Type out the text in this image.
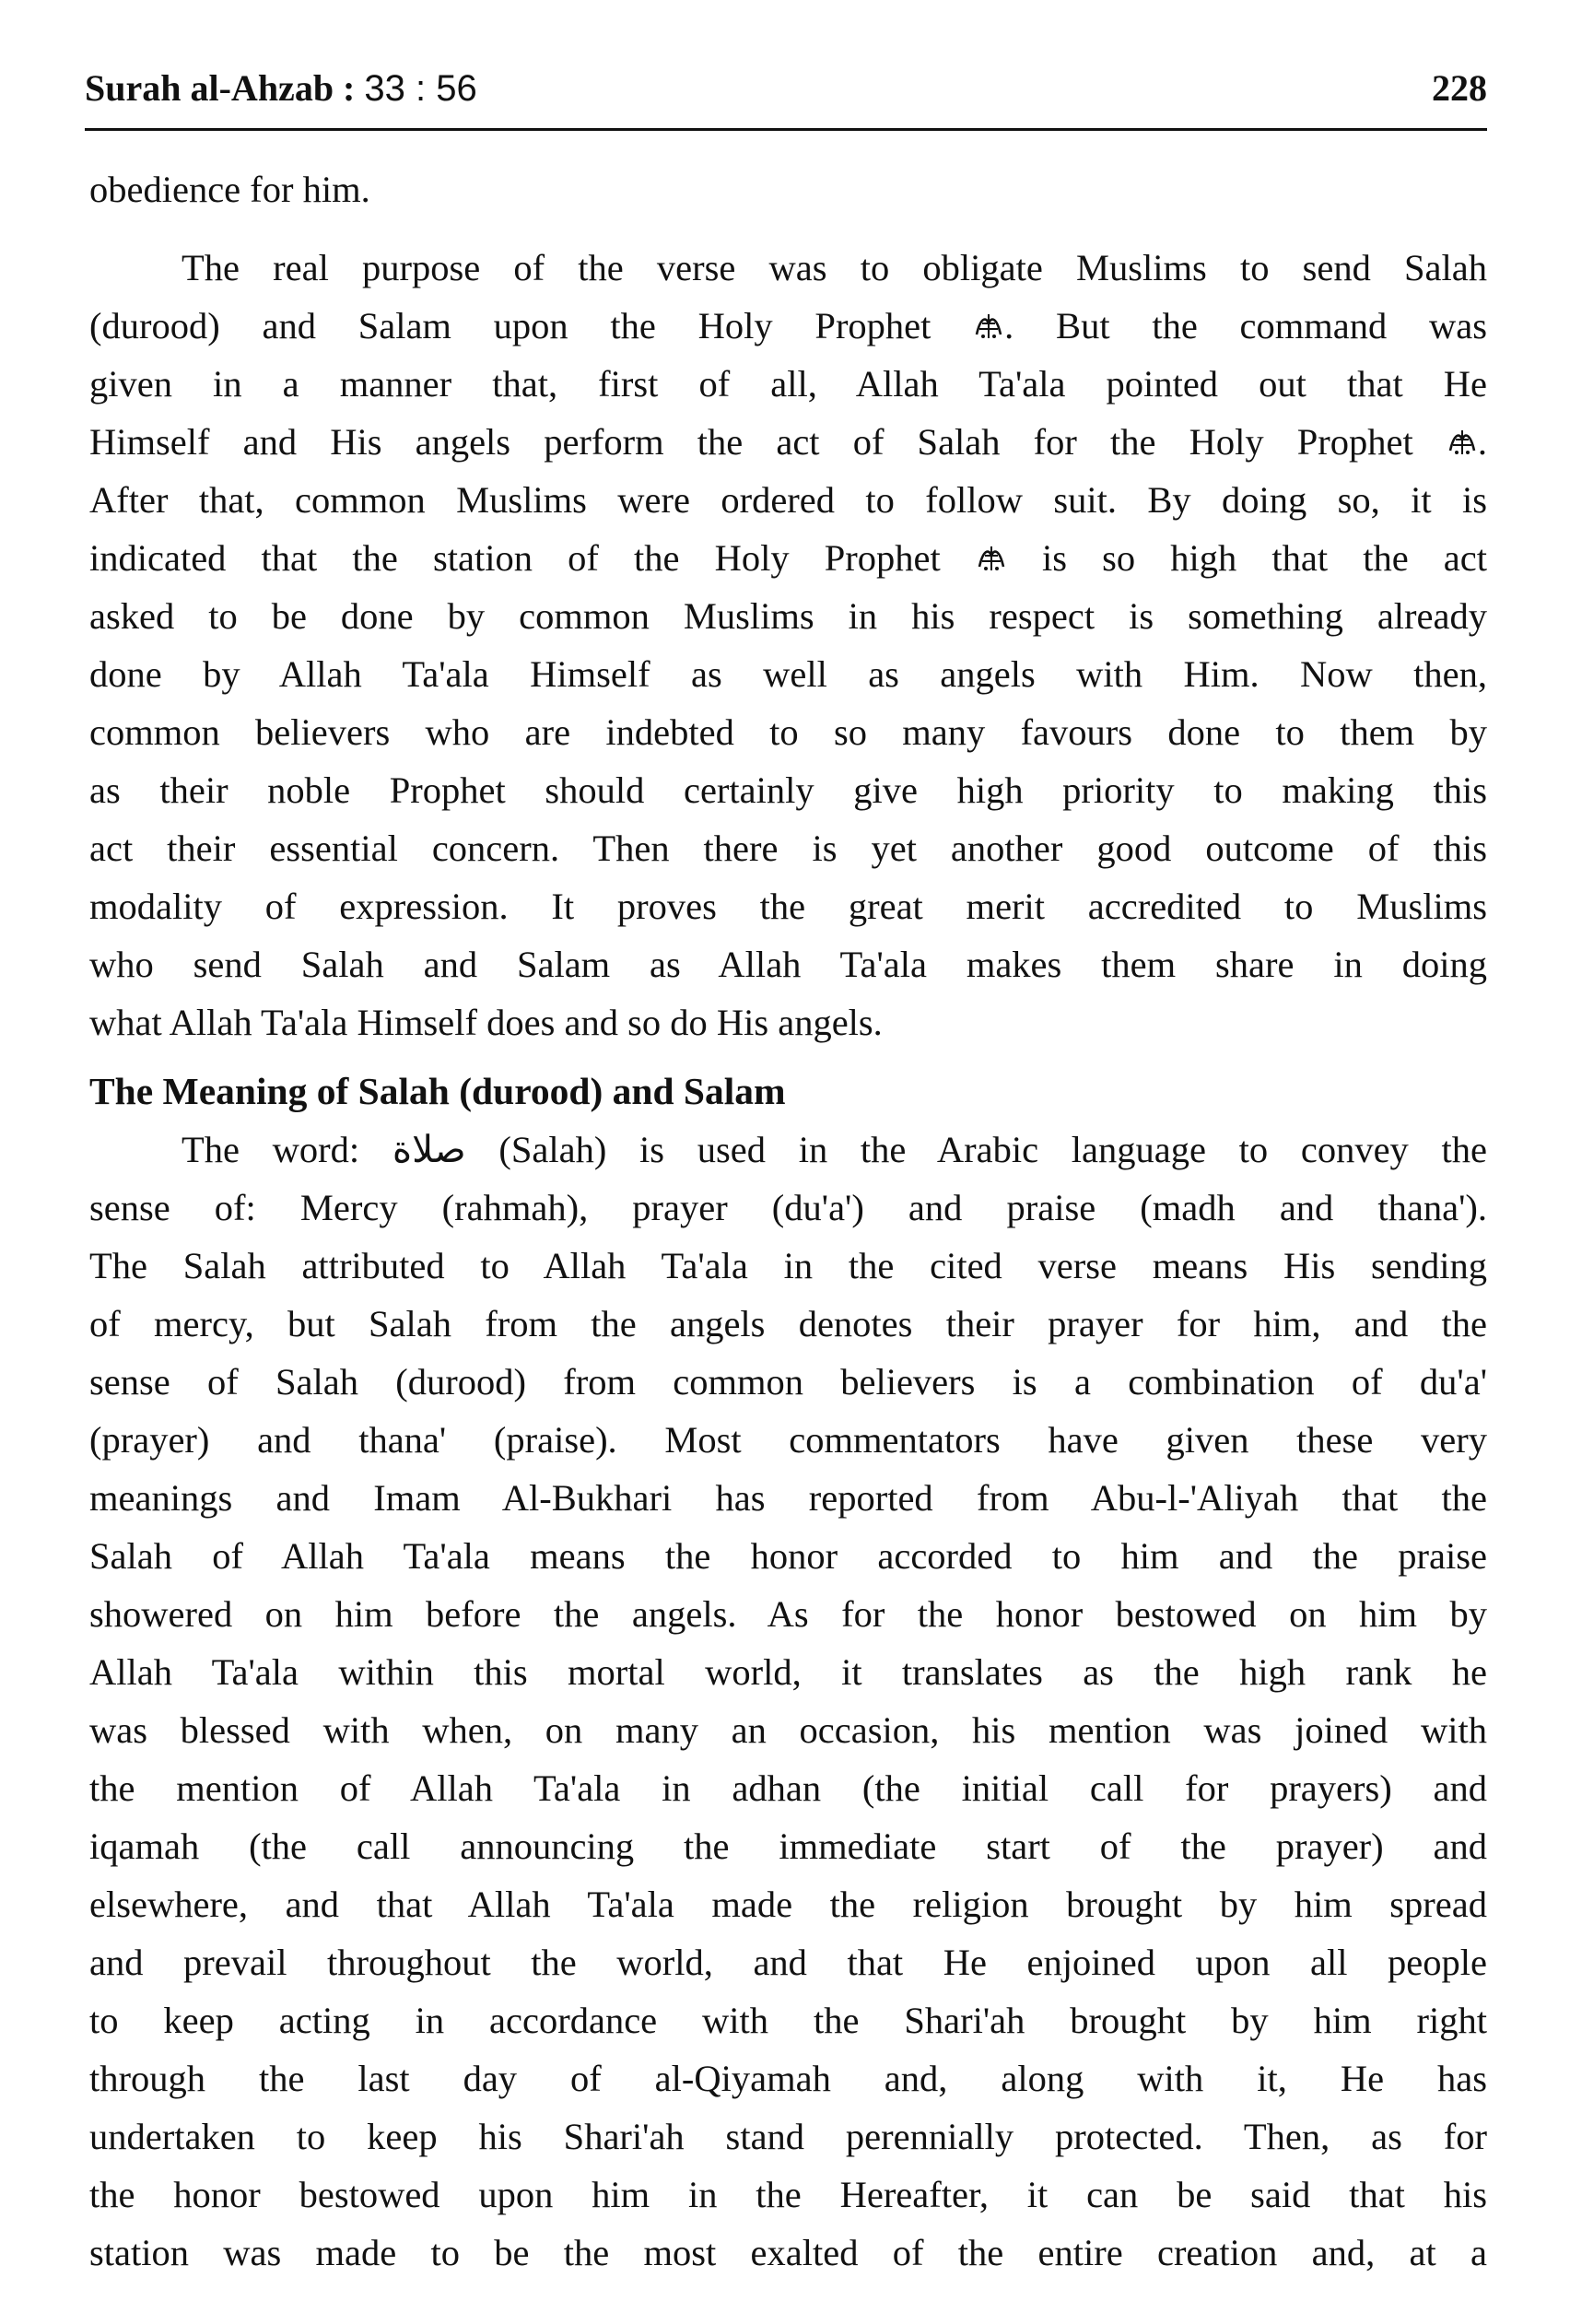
Surah al-Ahzab : 33 : 56	228
obedience for him.
The real purpose of the verse was to obligate Muslims to send Salah
(durood) and Salam upon the Holy Prophet . But the command was
given in a manner that, first of all, Allah Ta'ala pointed out that He
Himself and His angels perform the act of Salah for the Holy Prophet .
After that, common Muslims were ordered to follow suit. By doing so, it is
indicated that the station of the Holy Prophet  is so high that the act
asked to be done by common Muslims in his respect is something already
done by Allah Ta'ala Himself as well as angels with Him. Now then,
common believers who are indebted to so many favours done to them by
as their noble Prophet should certainly give high priority to making this
act their essential concern. Then there is yet another good outcome of this
modality of expression. It proves the great merit accredited to Muslims
who send Salah and Salam as Allah Ta'ala makes them share in doing
what Allah Ta'ala Himself does and so do His angels.
The Meaning of Salah (durood) and Salam
The word: صلاة (Salah) is used in the Arabic language to convey the
sense of: Mercy (rahmah), prayer (du'a') and praise (madh and thana').
The Salah attributed to Allah Ta'ala in the cited verse means His sending
of mercy, but Salah from the angels denotes their prayer for him, and the
sense of Salah (durood) from common believers is a combination of du'a'
(prayer) and thana' (praise). Most commentators have given these very
meanings and Imam Al-Bukhari has reported from Abu-l-'Aliyah that the
Salah of Allah Ta'ala means the honor accorded to him and the praise
showered on him before the angels. As for the honor bestowed on him by
Allah Ta'ala within this mortal world, it translates as the high rank he
was blessed with when, on many an occasion, his mention was joined with
the mention of Allah Ta'ala in adhan (the initial call for prayers) and
iqamah (the call announcing the immediate start of the prayer) and
elsewhere, and that Allah Ta'ala made the religion brought by him spread
and prevail throughout the world, and that He enjoined upon all people
to keep acting in accordance with the Shari'ah brought by him right
through the last day of al-Qiyamah and, along with it, He has
undertaken to keep his Shari'ah stand perennially protected. Then, as for
the honor bestowed upon him in the Hereafter, it can be said that his
station was made to be the most exalted of the entire creation and, at a
